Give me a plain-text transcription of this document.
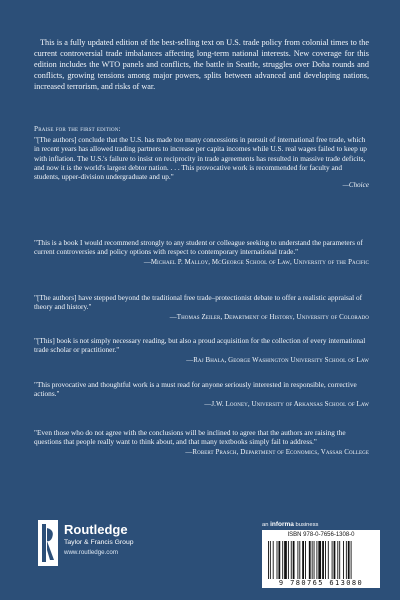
This is a fully updated edition of the best-selling text on U.S. trade policy from colonial times to the current controversial trade imbalances affecting long-term national interests. New coverage for this edition includes the WTO panels and conflicts, the battle in Seattle, struggles over Doha rounds and conflicts, growing tensions among major powers, splits between advanced and developing nations, increased terrorism, and risks of war.

Praise for the first edition:

"[The authors] conclude that the U.S. has made too many concessions in pursuit of international free trade, which in recent years has allowed trading partners to increase per capita incomes while U.S. real wages failed to keep up with inflation. The U.S.'s failure to insist on reciprocity in trade agreements has resulted in massive trade deficits, and now it is the world's largest debtor nation. . . . This provocative work is recommended for faculty and students, upper-division undergraduate and up."
—Choice

"This is a book I would recommend strongly to any student or colleague seeking to understand the parameters of current controversies and policy options with respect to contemporary international trade."
—Michael P. Malloy, McGeorge School of Law, University of the Pacific

"[The authors] have stepped beyond the traditional free trade–protectionist debate to offer a realistic appraisal of theory and history."
—Thomas Zeiler, Department of History, University of Colorado

"[This] book is not simply necessary reading, but also a proud acquisition for the collection of every international trade scholar or practitioner."
—Raj Bhala, George Washington University School of Law

"This provocative and thoughtful work is a must read for anyone seriously interested in responsible, corrective actions."
—J.W. Looney, University of Arkansas School of Law

"Even those who do not agree with the conclusions will be inclined to agree that the authors are raising the questions that people really want to think about, and that many textbooks simply fail to address."
—Robert Prasch, Department of Economics, Vassar College

Routledge
Taylor & Francis Group
www.routledge.com
an informa business
ISBN 978-0-7656-1308-0
9 780765 613080
